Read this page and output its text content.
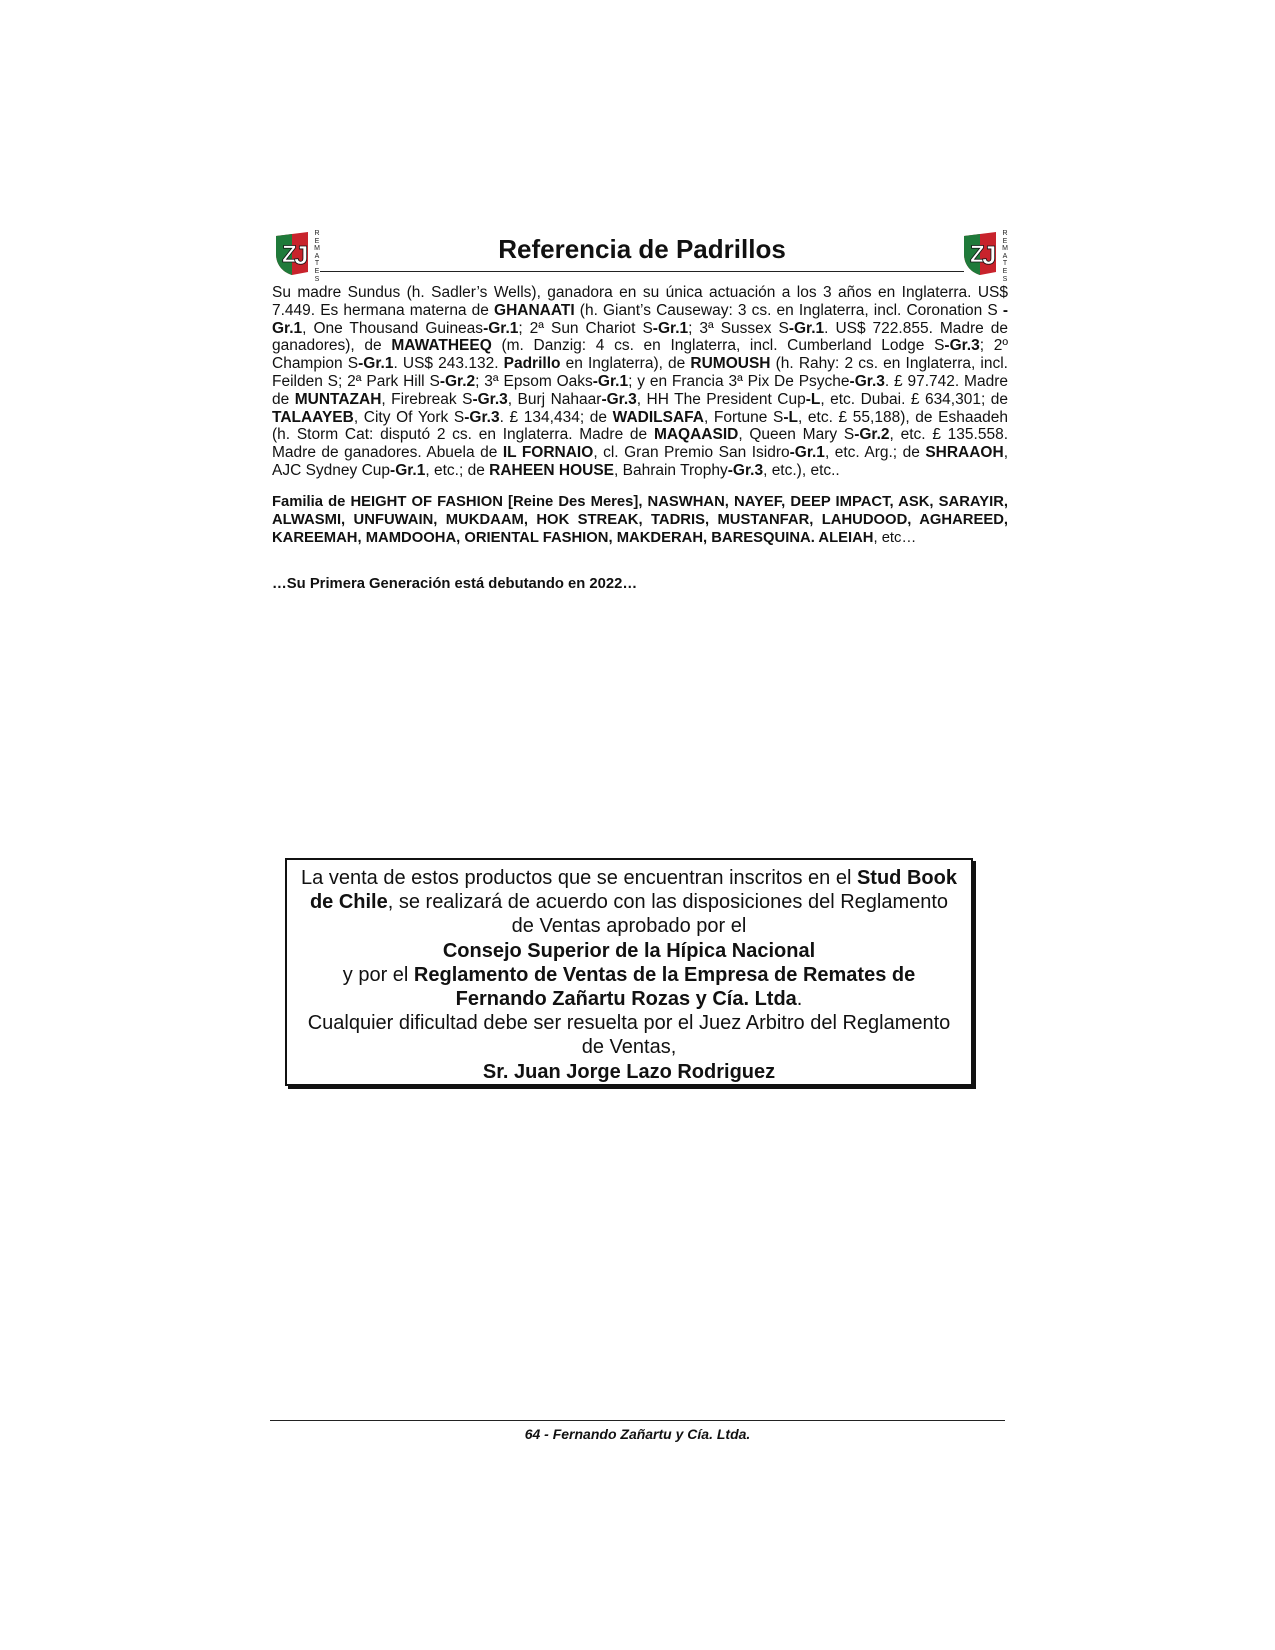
Z
J
R
E
M
A
T
E
S
Referencia de Padrillos	Z
J
R
E
M
A
T
E
S
Su madre Sundus (h. Sadler’s Wells), ganadora en su única actuación a los 3 años en Inglaterra. US$ 7.449. Es hermana materna de GHANAATI (h. Giant’s Causeway: 3 cs. en Inglaterra, incl. Coronation S -Gr.1, One Thousand Guineas-Gr.1; 2ª Sun Chariot S-Gr.1; 3ª Sussex S-Gr.1. US$ 722.855. Madre de ganadores), de MAWATHEEQ (m. Danzig: 4 cs. en Inglaterra, incl. Cumberland Lodge S-Gr.3; 2º Champion S-Gr.1. US$ 243.132. Padrillo en Inglaterra), de RUMOUSH (h. Rahy: 2 cs. en Inglaterra, incl. Feilden S; 2ª Park Hill S-Gr.2; 3ª Epsom Oaks-Gr.1; y en Francia 3ª Pix De Psyche-Gr.3. £ 97.742. Madre de MUNTAZAH, Firebreak S-Gr.3, Burj Nahaar-Gr.3, HH The President Cup-L, etc. Dubai. £ 634,301; de TALAAYEB, City Of York S-Gr.3. £ 134,434; de WADILSAFA, Fortune S-L, etc. £ 55,188), de Eshaadeh (h. Storm Cat: disputó 2 cs. en Inglaterra. Madre de MAQAASID, Queen Mary S-Gr.2, etc. £ 135.558. Madre de ganadores. Abuela de IL FORNAIO, cl. Gran Premio San Isidro-Gr.1, etc. Arg.; de SHRAAOH, AJC Sydney Cup-Gr.1, etc.; de RAHEEN HOUSE, Bahrain Trophy-Gr.3, etc.), etc..
Familia de HEIGHT OF FASHION [Reine Des Meres], NASWHAN, NAYEF, DEEP IMPACT, ASK, SARAYIR, ALWASMI, UNFUWAIN, MUKDAAM, HOK STREAK, TADRIS, MUSTANFAR, LAHUDOOD, AGHAREED, KAREEMAH, MAMDOOHA, ORIENTAL FASHION, MAKDERAH, BARESQUINA. ALEIAH, etc…
…Su Primera Generación está debutando en 2022…
La venta de estos productos que se encuentran inscritos en el Stud Book de Chile, se realizará de acuerdo con las disposiciones del Reglamento de Ventas aprobado por el
Consejo Superior de la Hípica Nacional
y por el Reglamento de Ventas de la Empresa de Remates de Fernando Zañartu Rozas y Cía. Ltda.
Cualquier dificultad debe ser resuelta por el Juez Arbitro del Reglamento de Ventas,
Sr. Juan Jorge Lazo Rodriguez
64 - Fernando Zañartu y Cía. Ltda.
